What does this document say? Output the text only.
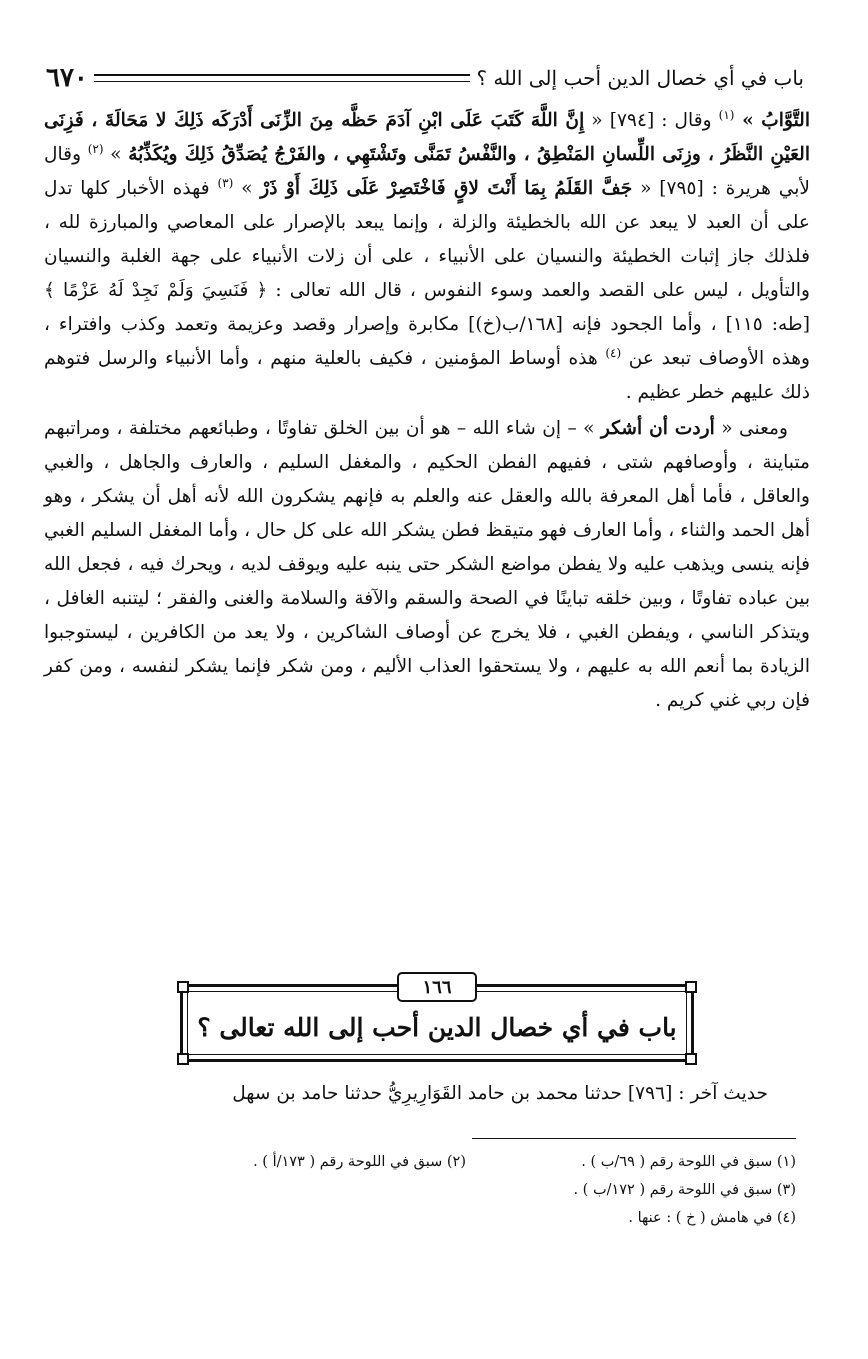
باب في أي خصال الدين أحب إلى الله ؟
٦٧٠

التَّوَّابُ » $^{(١)}$ وقال : [٧٩٤] « إِنَّ اللَّهَ كَتَبَ عَلَى ابْنِ آدَمَ حَظَّه مِنَ الزِّنَى أَدْرَكَه ذَلِكَ لا مَحَالَةَ ، فَزِنَى العَيْنِ النَّظَرُ ، وزِنَى اللِّسانِ المَنْطِقُ ، والنَّفْسُ تَمَنَّى وتَشْتَهِي ، والفَرْجُ يُصَدِّقُ ذَلِكَ ويُكَذِّبُهُ » $^{(٢)}$ وقال لأبي هريرة : [٧٩٥] « جَفَّ القَلَمُ بِمَا أَنْتَ لاقٍ فَاخْتَصِرْ عَلَى ذَلِكَ أَوْ ذَرْ » $^{(٣)}$ فهذه الأخبار كلها تدل على أن العبد لا يبعد عن الله بالخطيئة والزلة ، وإنما يبعد بالإصرار على المعاصي والمبارزة لله ، فلذلك جاز إثبات الخطيئة والنسيان على الأنبياء ، على أن زلات الأنبياء على جهة الغلبة والنسيان والتأويل ، ليس على القصد والعمد وسوء النفوس ، قال الله تعالى : ﴿ فَنَسِيَ وَلَمْ نَجِدْ لَهُ عَزْمًا ﴾ [طه: ١١٥] ، وأما الجحود فإنه [١٦٨/ب(خ)] مكابرة وإصرار وقصد وعزيمة وتعمد وكذب وافتراء ، وهذه الأوصاف تبعد عن $^{(٤)}$ هذه أوساط المؤمنين ، فكيف بالعلية منهم ، وأما الأنبياء والرسل فتوهم ذلك عليهم خطر عظيم .

ومعنى « أردت أن أشكر » – إن شاء الله – هو أن بين الخلق تفاوتًا ، وطبائعهم مختلفة ، ومراتبهم متباينة ، وأوصافهم شتى ، ففيهم الفطن الحكيم ، والمغفل السليم ، والعارف والجاهل ، والغبي والعاقل ، فأما أهل المعرفة بالله والعقل عنه والعلم به فإنهم يشكرون الله لأنه أهل أن يشكر ، وهو أهل الحمد والثناء ، وأما العارف فهو متيقظ فطن يشكر الله على كل حال ، وأما المغفل السليم الغبي فإنه ينسى ويذهب عليه ولا يفطن مواضع الشكر حتى ينبه عليه ويوقف لديه ، ويحرك فيه ، فجعل الله بين عباده تفاوتًا ، وبين خلقه تباينًا في الصحة والسقم والآفة والسلامة والغنى والفقر ؛ ليتنبه الغافل ، ويتذكر الناسي ، ويفطن الغبي ، فلا يخرج عن أوصاف الشاكرين ، ولا يعد من الكافرين ، ليستوجبوا الزيادة بما أنعم الله به عليهم ، ولا يستحقوا العذاب الأليم ، ومن شكر فإنما يشكر لنفسه ، ومن كفر فإن ربي غني كريم .

١٦٦
باب في أي خصال الدين أحب إلى الله تعالى ؟
حديث آخر : [٧٩٦] حدثنا محمد بن حامد القَوَارِيرِيُّ حدثنا حامد بن سهل
(١) سبق في اللوحة رقم ( ٦٩/ب ) .
(٢) سبق في اللوحة رقم ( ١٧٣/أ ) .
(٣) سبق في اللوحة رقم ( ١٧٢/ب ) .
(٤) في هامش ( خ ) : عنها .
